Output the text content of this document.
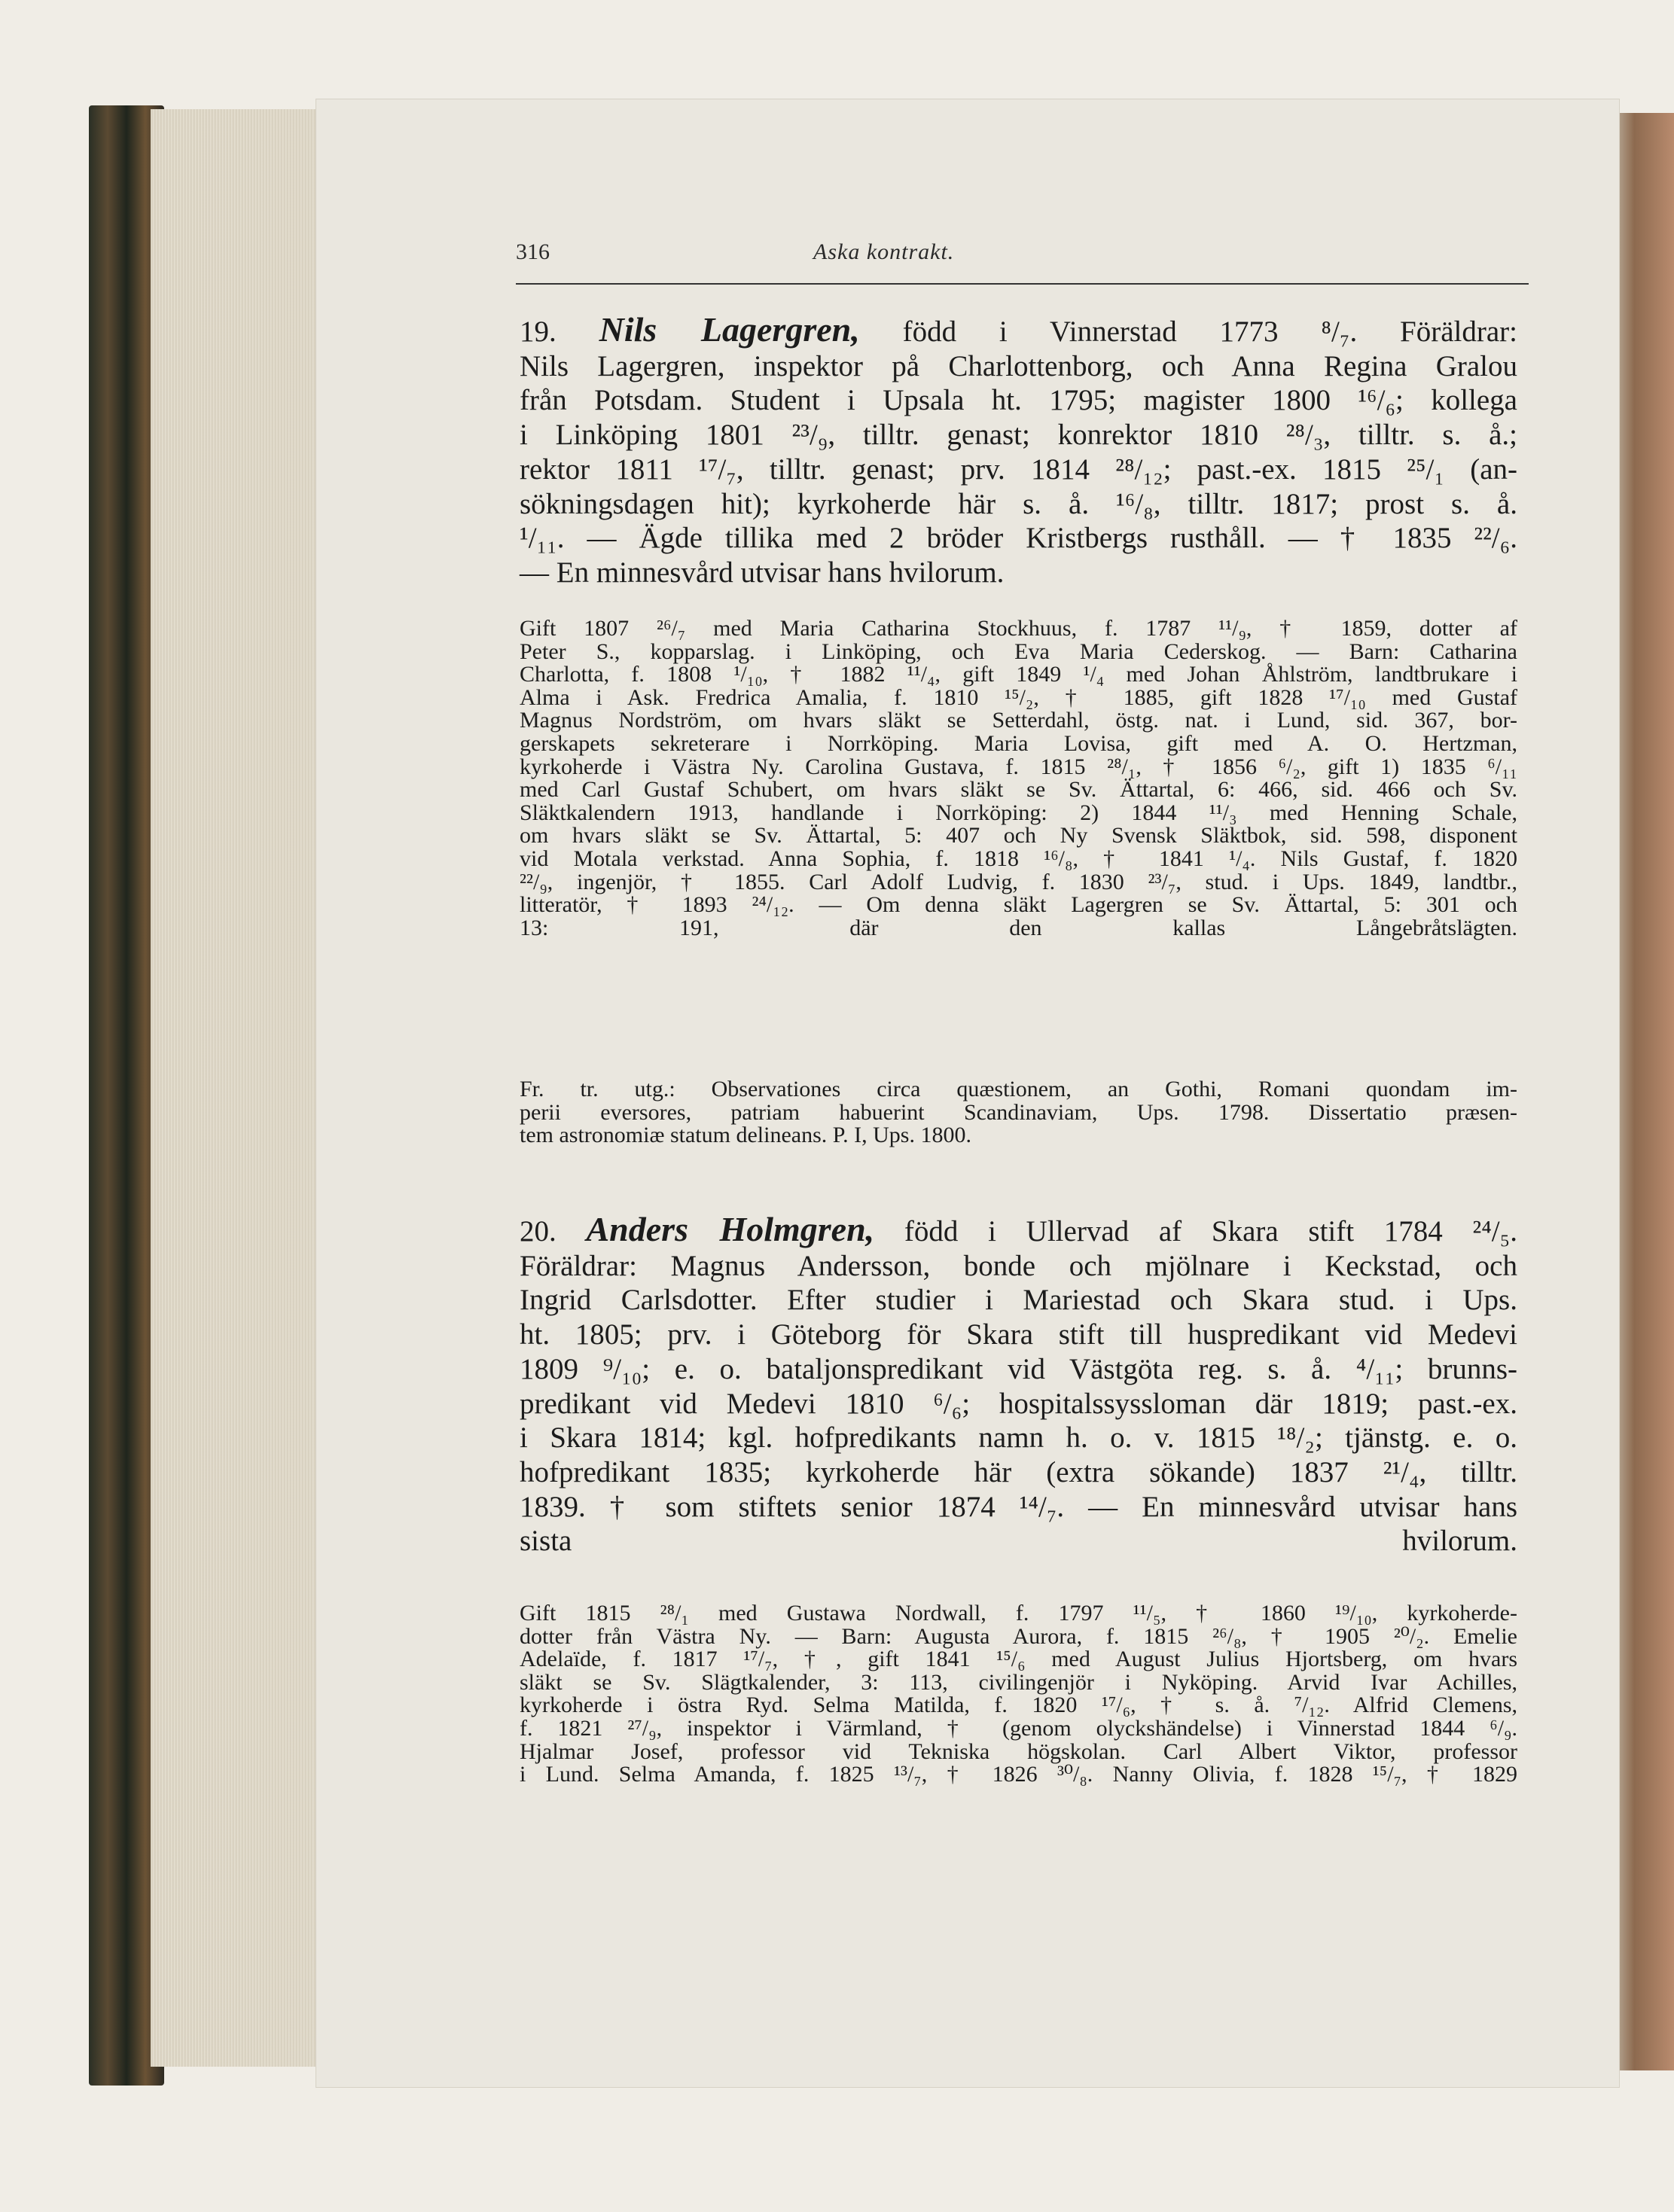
316	Aska kontrakt.
19. Nils Lagergren, född i Vinnerstad 1773 ⁸/₇. Föräldrar:
Nils Lagergren, inspektor på Charlottenborg, och Anna Regina Gralou
från Potsdam. Student i Upsala ht. 1795; magister 1800 ¹⁶/₆; kollega
i Linköping 1801 ²³/₉, tilltr. genast; konrektor 1810 ²⁸/₃, tilltr. s. å.;
rektor 1811 ¹⁷/₇, tilltr. genast; prv. 1814 ²⁸/₁₂; past.-ex. 1815 ²⁵/₁ (an-
sökningsdagen hit); kyrkoherde här s. å. ¹⁶/₈, tilltr. 1817; prost s. å.
¹/₁₁. — Ägde tillika med 2 bröder Kristbergs rusthåll. — † 1835 ²²/₆.
— En minnesvård utvisar hans hvilorum.
Gift 1807 ²⁶/₇ med Maria Catharina Stockhuus, f. 1787 ¹¹/₉, † 1859, dotter af
Peter S., kopparslag. i Linköping, och Eva Maria Cederskog. — Barn: Catharina
Charlotta, f. 1808 ¹/₁₀, † 1882 ¹¹/₄, gift 1849 ¹/₄ med Johan Åhlström, landtbrukare i
Alma i Ask. Fredrica Amalia, f. 1810 ¹⁵/₂, † 1885, gift 1828 ¹⁷/₁₀ med Gustaf
Magnus Nordström, om hvars släkt se Setterdahl, östg. nat. i Lund, sid. 367, bor-
gerskapets sekreterare i Norrköping. Maria Lovisa, gift med A. O. Hertzman,
kyrkoherde i Västra Ny. Carolina Gustava, f. 1815 ²⁸/₁, † 1856 ⁶/₂, gift 1) 1835 ⁶/₁₁
med Carl Gustaf Schubert, om hvars släkt se Sv. Ättartal, 6: 466, sid. 466 och Sv.
Släktkalendern 1913, handlande i Norrköping: 2) 1844 ¹¹/₃ med Henning Schale,
om hvars släkt se Sv. Ättartal, 5: 407 och Ny Svensk Släktbok, sid. 598, disponent
vid Motala verkstad. Anna Sophia, f. 1818 ¹⁶/₈, † 1841 ¹/₄. Nils Gustaf, f. 1820
²²/₉, ingenjör, † 1855. Carl Adolf Ludvig, f. 1830 ²³/₇, stud. i Ups. 1849, landtbr.,
litteratör, † 1893 ²⁴/₁₂. — Om denna släkt Lagergren se Sv. Ättartal, 5: 301 och
13: 191, där den kallas Långebråtslägten.
Fr. tr. utg.: Observationes circa quæstionem, an Gothi, Romani quondam im-
perii eversores, patriam habuerint Scandinaviam, Ups. 1798. Dissertatio præsen-
tem astronomiæ statum delineans. P. I, Ups. 1800.
20. Anders Holmgren, född i Ullervad af Skara stift 1784 ²⁴/₅.
Föräldrar: Magnus Andersson, bonde och mjölnare i Keckstad, och
Ingrid Carlsdotter. Efter studier i Mariestad och Skara stud. i Ups.
ht. 1805; prv. i Göteborg för Skara stift till huspredikant vid Medevi
1809 ⁹/₁₀; e. o. bataljonspredikant vid Västgöta reg. s. å. ⁴/₁₁; brunns-
predikant vid Medevi 1810 ⁶/₆; hospitalssyssloman där 1819; past.-ex.
i Skara 1814; kgl. hofpredikants namn h. o. v. 1815 ¹⁸/₂; tjänstg. e. o.
hofpredikant 1835; kyrkoherde här (extra sökande) 1837 ²¹/₄, tilltr.
1839. † som stiftets senior 1874 ¹⁴/₇. — En minnesvård utvisar hans
sista hvilorum.
Gift 1815 ²⁸/₁ med Gustawa Nordwall, f. 1797 ¹¹/₅, † 1860 ¹⁹/₁₀, kyrkoherde-
dotter från Västra Ny. — Barn: Augusta Aurora, f. 1815 ²⁶/₈, † 1905 ²⁰/₂. Emelie
Adelaïde, f. 1817 ¹⁷/₇, †, gift 1841 ¹⁵/₆ med August Julius Hjortsberg, om hvars
släkt se Sv. Slägtkalender, 3: 113, civilingenjör i Nyköping. Arvid Ivar Achilles,
kyrkoherde i östra Ryd. Selma Matilda, f. 1820 ¹⁷/₆, † s. å. ⁷/₁₂. Alfrid Clemens,
f. 1821 ²⁷/₉, inspektor i Värmland, † (genom olyckshändelse) i Vinnerstad 1844 ⁶/₉.
Hjalmar Josef, professor vid Tekniska högskolan. Carl Albert Viktor, professor
i Lund. Selma Amanda, f. 1825 ¹³/₇, † 1826 ³⁰/₈. Nanny Olivia, f. 1828 ¹⁵/₇, † 1829
